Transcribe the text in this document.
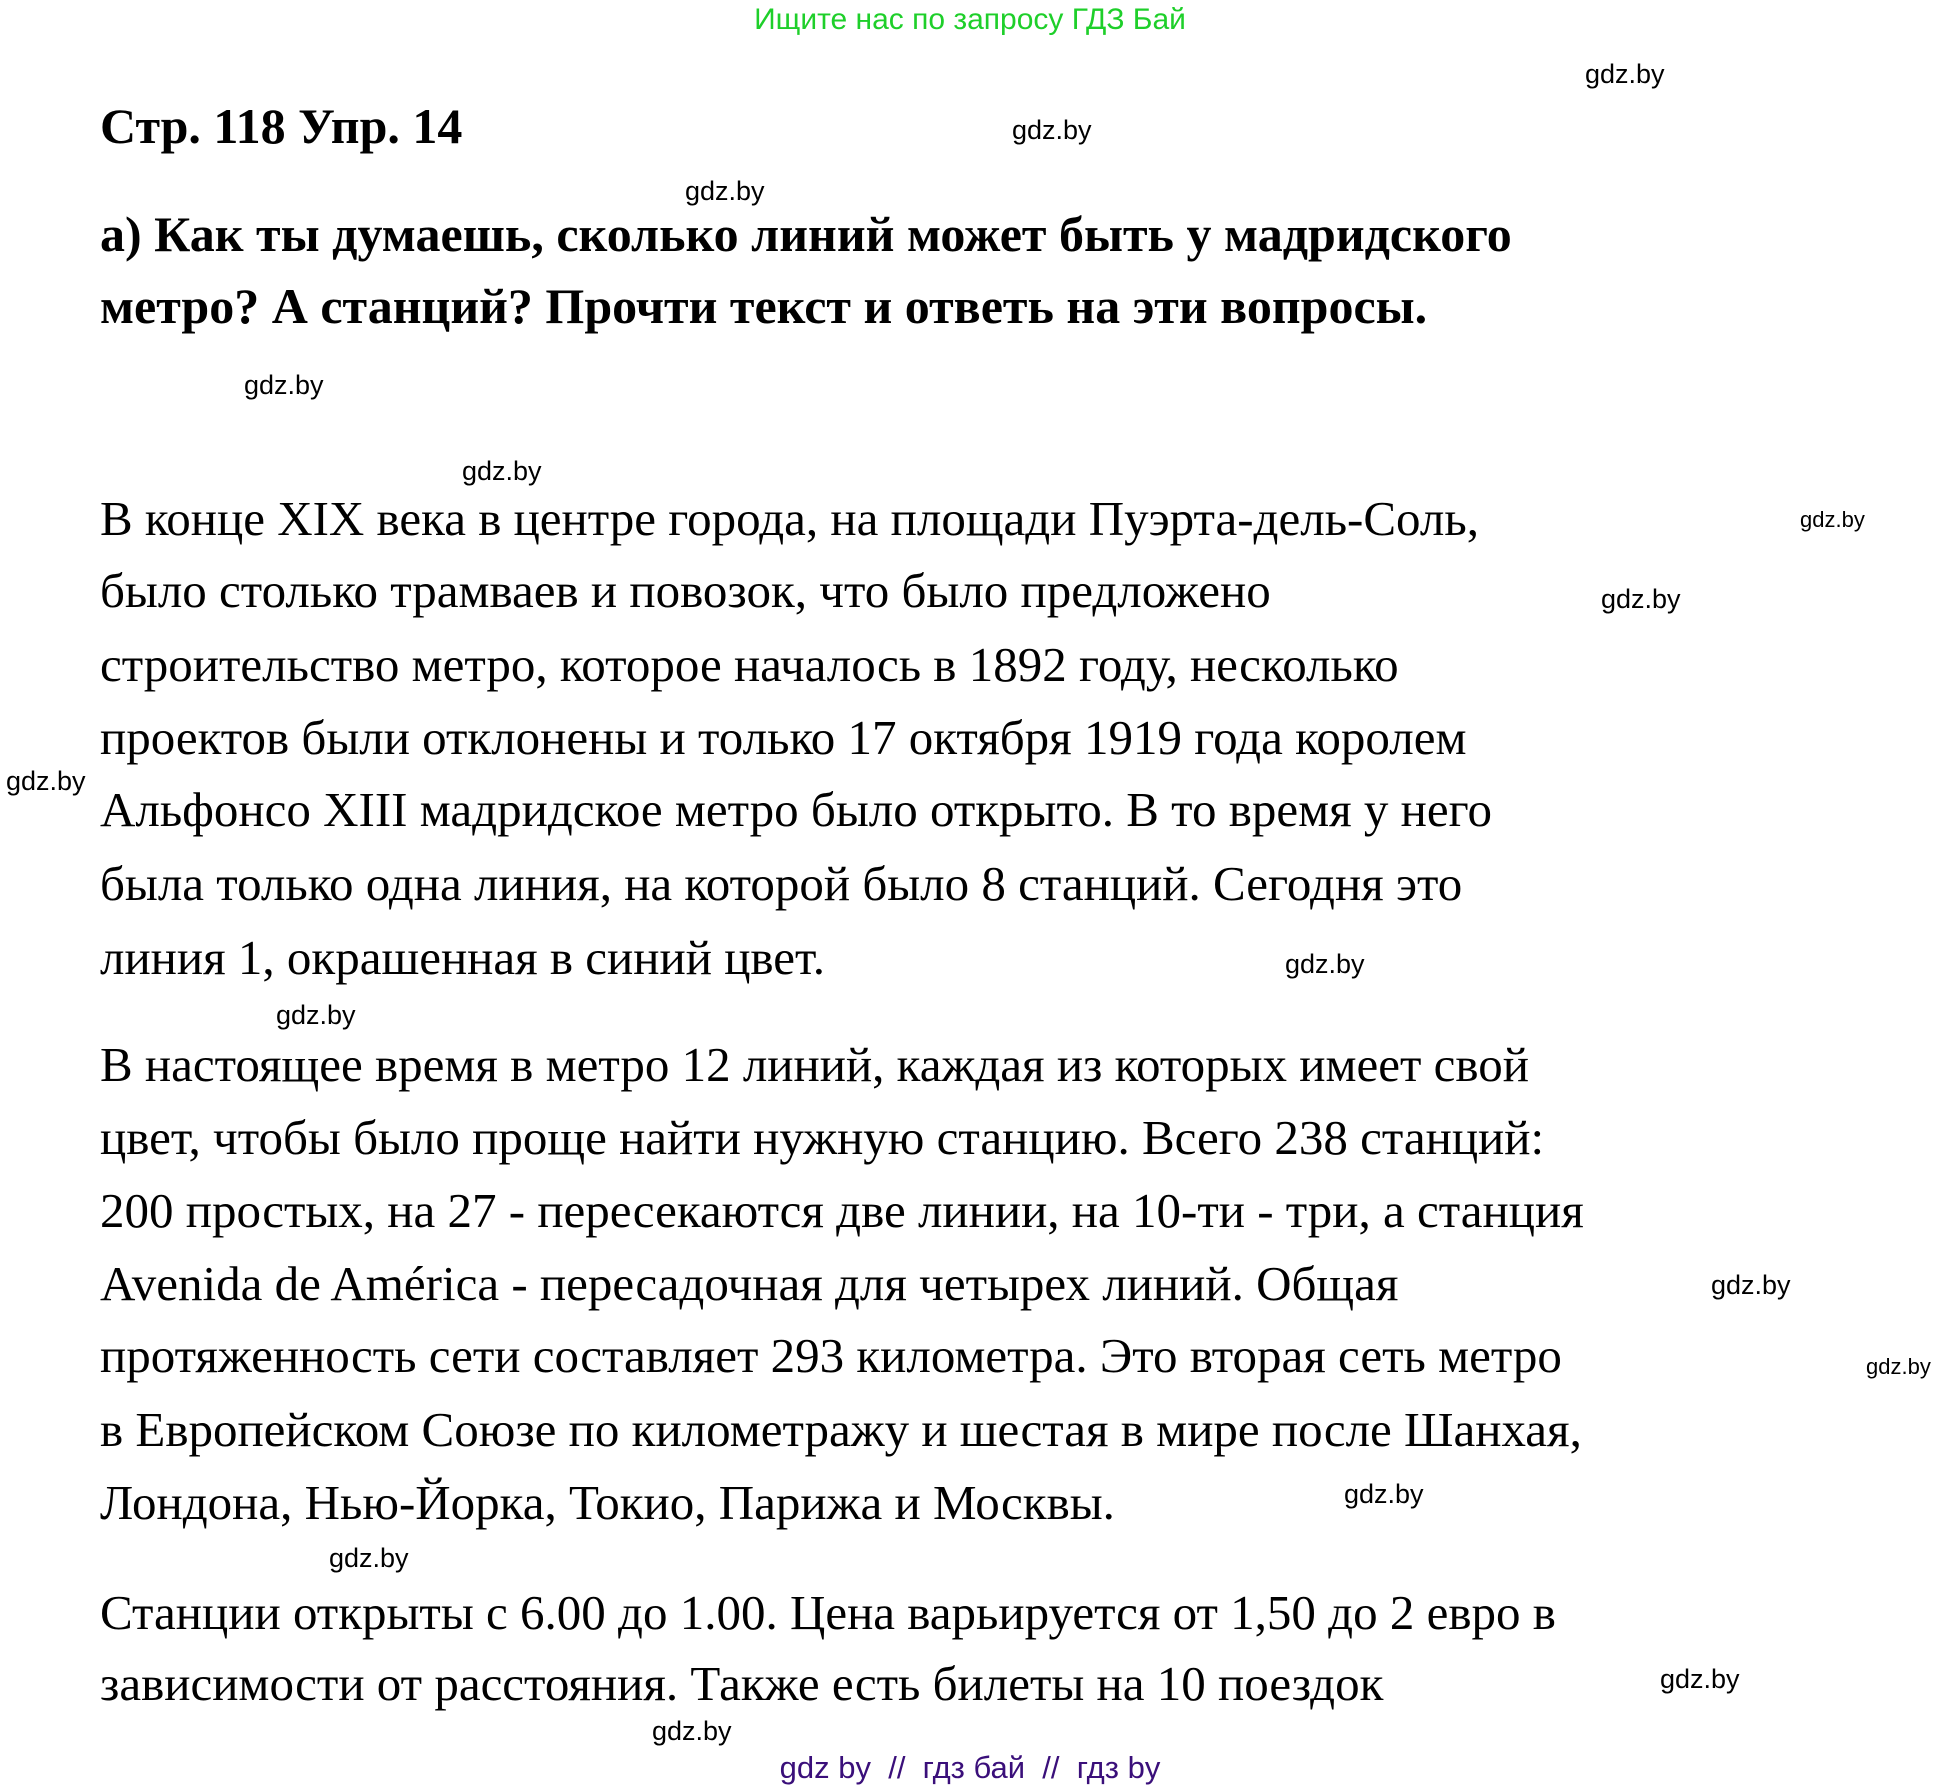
Ищите нас по запросу ГДЗ Бай
Стр. 118 Упр. 14
а) Как ты думаешь, сколько линий может быть у мадридского
метро? А станций? Прочти текст и ответь на эти вопросы.
В конце XIX века в центре города, на площади Пуэрта-дель-Соль,
было столько трамваев и повозок, что было предложено
строительство метро, которое началось в 1892 году, несколько
проектов были отклонены и только 17 октября 1919 года королем
Альфонсо XIII мадридское метро было открыто. В то время у него
была только одна линия, на которой было 8 станций. Сегодня это
линия 1, окрашенная в синий цвет.
В настоящее время в метро 12 линий, каждая из которых имеет свой
цвет, чтобы было проще найти нужную станцию. Всего 238 станций:
200 простых, на 27 - пересекаются две линии, на 10-ти - три, а станция
Avenida de América - пересадочная для четырех линий. Общая
протяженность сети составляет 293 километра. Это вторая сеть метро
в Европейском Союзе по километражу и шестая в мире после Шанхая,
Лондона, Нью-Йорка, Токио, Парижа и Москвы.
Станции открыты с 6.00 до 1.00. Цена варьируется от 1,50 до 2 евро в
зависимости от расстояния. Также есть билеты на 10 поездок
gdz.by
gdz.by
gdz.by
gdz.by
gdz.by
gdz.by
gdz.by
gdz.by
gdz.by
gdz.by
gdz.by
gdz.by
gdz.by
gdz.by
gdz.by
gdz.by
gdz by  //  гдз бай  //  гдз by
